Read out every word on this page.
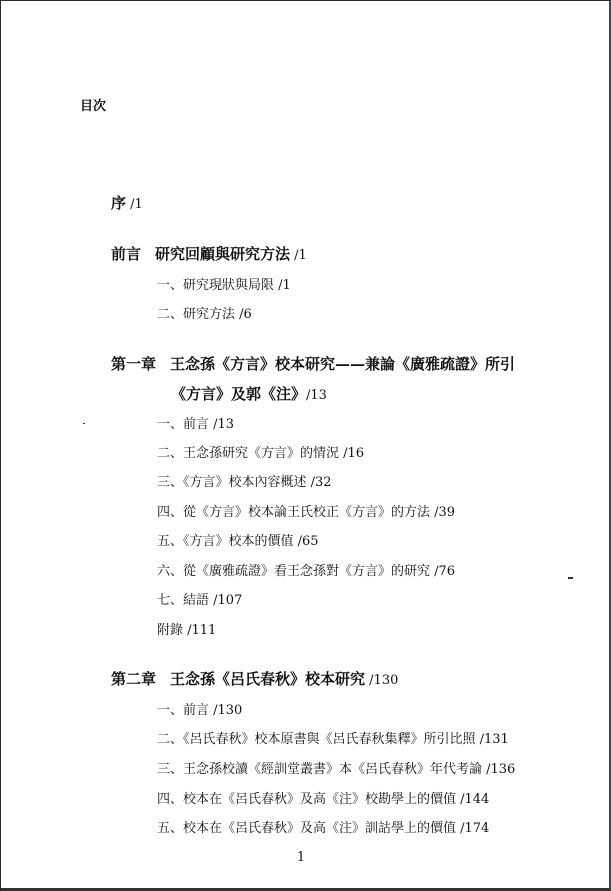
目次
序 /1
前言 研究回顧與研究方法 /1
一、研究現狀與局限 /1
二、研究方法 /6
第一章 王念孫《方言》校本研究——兼論《廣雅疏證》所引
《方言》及郭《注》/13
一、前言 /13
二、王念孫研究《方言》的情況 /16
三、《方言》校本內容概述 /32
四、從《方言》校本論王氏校正《方言》的方法 /39
五、《方言》校本的價值 /65
六、從《廣雅疏證》看王念孫對《方言》的研究 /76
七、結語 /107
附錄 /111
第二章 王念孫《呂氏春秋》校本研究 /130
一、前言 /130
二、《呂氏春秋》校本原書與《呂氏春秋集釋》所引比照 /131
三、王念孫校讀《經訓堂叢書》本《呂氏春秋》年代考論 /136
四、校本在《呂氏春秋》及高《注》校勘學上的價值 /144
五、校本在《呂氏春秋》及高《注》訓詁學上的價值 /174
1
